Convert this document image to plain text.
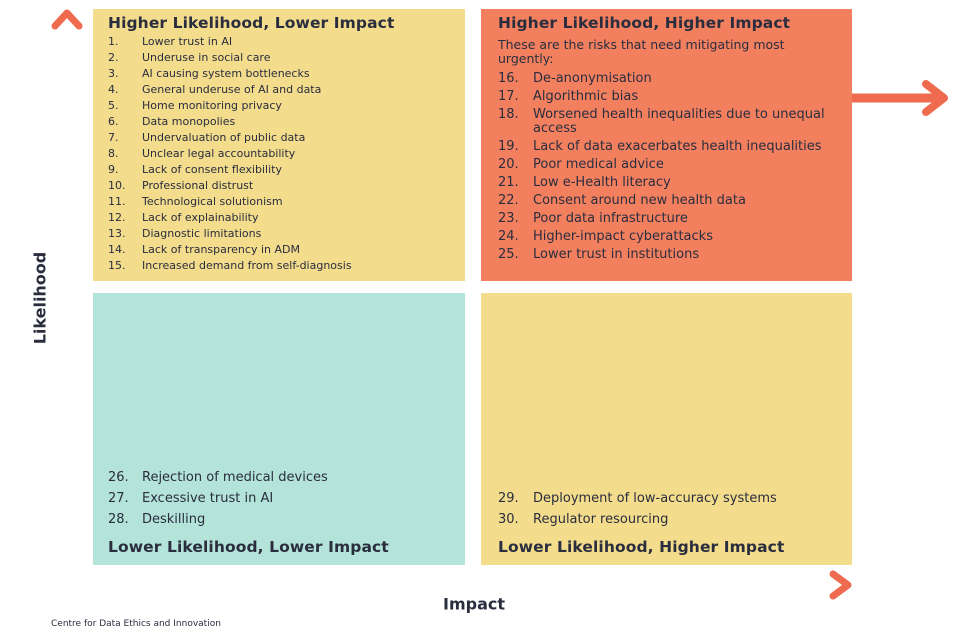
Likelihood
Impact
Higher Likelihood, Lower Impact
1. Lower trust in AI
2. Underuse in social care
3. AI causing system bottlenecks
4. General underuse of AI and data
5. Home monitoring privacy
6. Data monopolies
7. Undervaluation of public data
8. Unclear legal accountability
9. Lack of consent flexibility
10. Professional distrust
11. Technological solutionism
12. Lack of explainability
13. Diagnostic limitations
14. Lack of transparency in ADM
15. Increased demand from self-diagnosis
Higher Likelihood, Higher Impact
These are the risks that need mitigating most urgently:
16. De-anonymisation
17. Algorithmic bias
18. Worsened health inequalities due to unequal access
19. Lack of data exacerbates health inequalities
20. Poor medical advice
21. Low e-Health literacy
22. Consent around new health data
23. Poor data infrastructure
24. Higher-impact cyberattacks
25. Lower trust in institutions
26. Rejection of medical devices
27. Excessive trust in AI
28. Deskilling
Lower Likelihood, Lower Impact
29. Deployment of low-accuracy systems
30. Regulator resourcing
Lower Likelihood, Higher Impact
Centre for Data Ethics and Innovation
